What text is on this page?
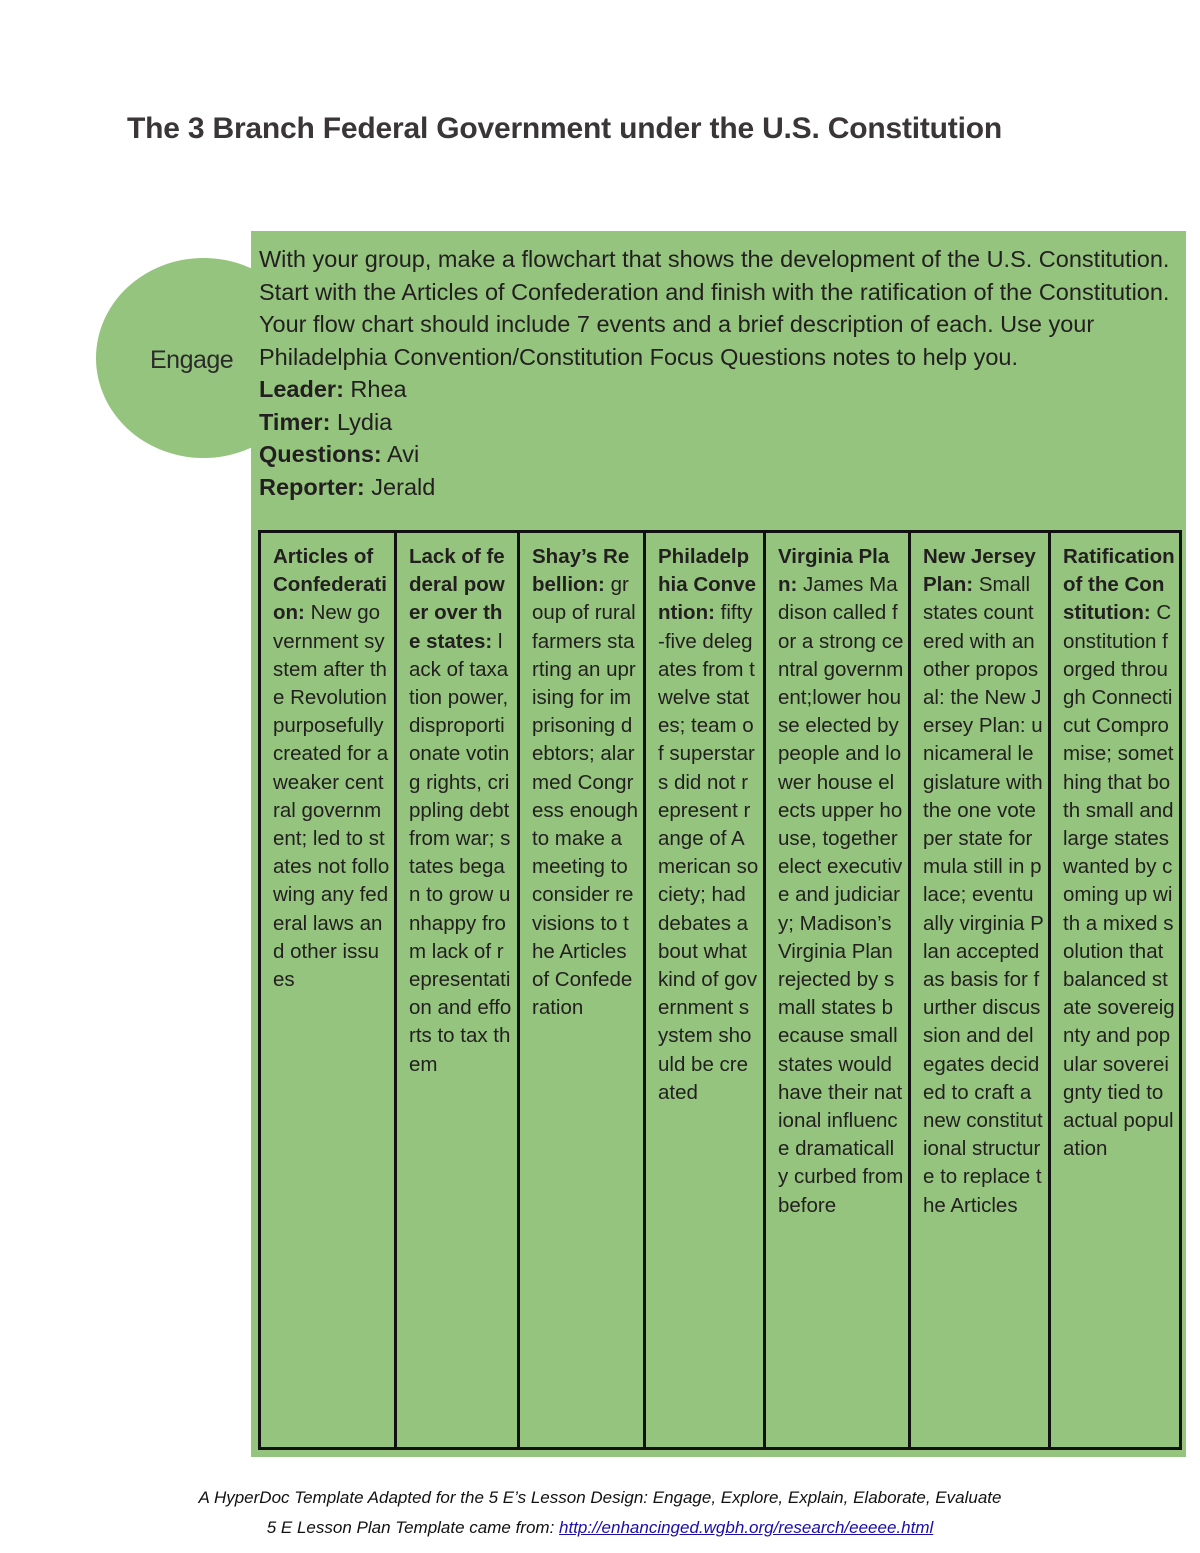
The 3 Branch Federal Government under the U.S. Constitution
Engage

With your group, make a flowchart that shows the development of the U.S. Constitution. Start with the Articles of Confederation and finish with the ratification of the Constitution. Your flow chart should include 7 events and a brief description of each. Use your Philadelphia Convention/Constitution Focus Questions notes to help you.

Leader: Rhea

Timer: Lydia

Questions: Avi

Reporter: Jerald

Articles of Confederation: New government system after the Revolution purposefully created for a weaker central government; led to states not following any federal laws and other issues	Lack of federal power over the states: lack of taxation power, disproportionate voting rights, crippling debt from war; states began to grow unhappy from lack of representation and efforts to tax them	Shay’s Rebellion: group of rural farmers starting an uprising for imprisoning debtors; alarmed Congress enough to make a meeting to consider revisions to the Articles of Confederation	Philadelphia Convention: fifty-five delegates from twelve states; team of superstars did not represent range of American society; had debates about what kind of government system should be created	Virginia Plan: James Madison called for a strong central government;lower house elected by people and lower house elects upper house, together elect executive and judiciary; Madison’s Virginia Plan rejected by small states because small states would have their national influence dramatically curbed from before	New Jersey Plan: Small states countered with another proposal: the New Jersey Plan: unicameral legislature with the one vote per state formula still in place; eventually virginia Plan accepted as basis for further discussion and delegates decided to craft a new constitutional structure to replace the Articles	Ratification of the Constitution: Constitution forged through Connecticut Compromise; something that both small and large states wanted by coming up with a mixed solution that balanced state sovereignty and popular sovereignty tied to actual population
A HyperDoc Template Adapted for the 5 E’s Lesson Design: Engage, Explore, Explain, Elaborate, Evaluate
5 E Lesson Plan Template came from: http://enhancinged.wgbh.org/research/eeeee.html
